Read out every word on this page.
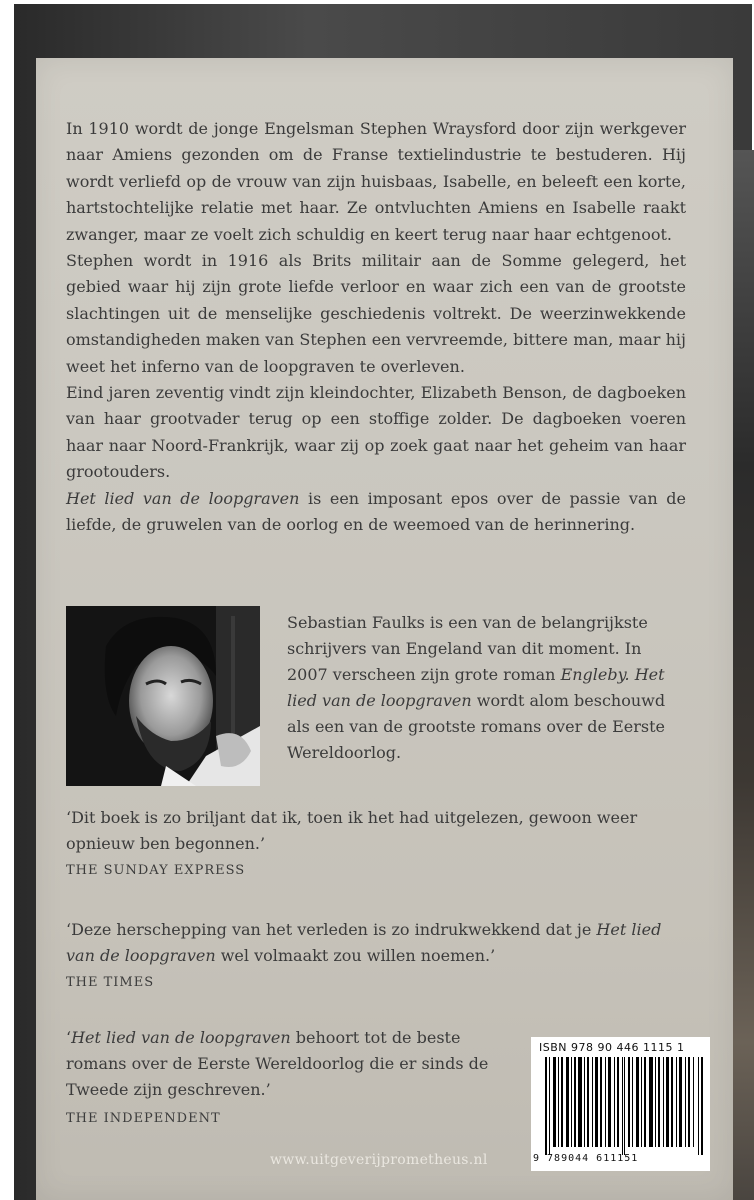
In 1910 wordt de jonge Engelsman Stephen Wraysford door zijn werkgever naar Amiens gezonden om de Franse textielindustrie te bestuderen. Hij wordt verliefd op de vrouw van zijn huisbaas, Isabelle, en beleeft een korte, hartstochtelijke relatie met haar. Ze ontvluchten Amiens en Isabelle raakt zwanger, maar ze voelt zich schuldig en keert terug naar haar echtgenoot.

Stephen wordt in 1916 als Brits militair aan de Somme gelegerd, het gebied waar hij zijn grote liefde verloor en waar zich een van de grootste slachtingen uit de menselijke geschiedenis voltrekt. De weerzinwekkende omstandigheden maken van Stephen een vervreemde, bittere man, maar hij weet het inferno van de loopgraven te overleven.

Eind jaren zeventig vindt zijn kleindochter, Elizabeth Benson, de dagboeken van haar grootvader terug op een stoffige zolder. De dagboeken voeren haar naar Noord-Frankrijk, waar zij op zoek gaat naar het geheim van haar grootouders.

Het lied van de loopgraven is een imposant epos over de passie van de liefde, de gruwelen van de oorlog en de weemoed van de herinnering.

Sebastian Faulks is een van de belangrijkste schrijvers van Engeland van dit moment. In 2007 verscheen zijn grote roman Engleby. Het lied van de loopgraven wordt alom beschouwd als een van de grootste romans over de Eerste Wereldoorlog.
‘Dit boek is zo briljant dat ik, toen ik het had uitgelezen, gewoon weer opnieuw ben begonnen.’
THE SUNDAY EXPRESS
‘Deze herschepping van het verleden is zo indrukwekkend dat je Het lied van de loopgraven wel volmaakt zou willen noemen.’
THE TIMES
‘Het lied van de loopgraven behoort tot de beste romans over de Eerste Wereldoorlog die er sinds de Tweede zijn geschreven.’
THE INDEPENDENT
ISBN 978 90 446 1115 1
9 789044 611151
www.uitgeverijprometheus.nl
